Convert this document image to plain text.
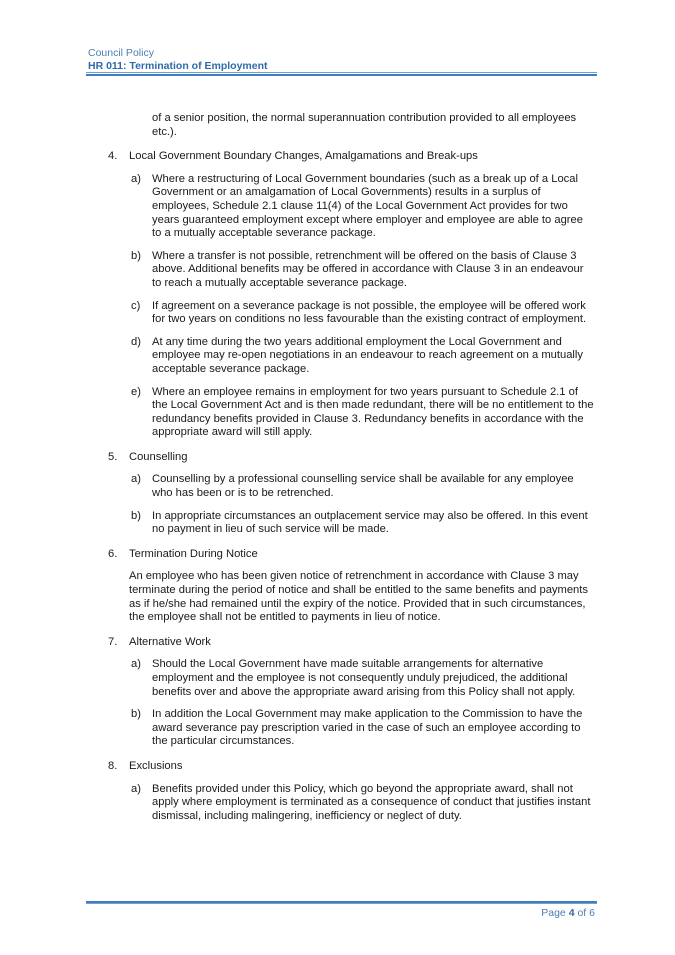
Council Policy
HR 011: Termination of Employment
of a senior position, the normal superannuation contribution provided to all employees etc.).
4. Local Government Boundary Changes, Amalgamations and Break-ups
a) Where a restructuring of Local Government boundaries (such as a break up of a Local Government or an amalgamation of Local Governments) results in a surplus of employees, Schedule 2.1 clause 11(4) of the Local Government Act provides for two years guaranteed employment except where employer and employee are able to agree to a mutually acceptable severance package.
b) Where a transfer is not possible, retrenchment will be offered on the basis of Clause 3 above. Additional benefits may be offered in accordance with Clause 3 in an endeavour to reach a mutually acceptable severance package.
c) If agreement on a severance package is not possible, the employee will be offered work for two years on conditions no less favourable than the existing contract of employment.
d) At any time during the two years additional employment the Local Government and employee may re-open negotiations in an endeavour to reach agreement on a mutually acceptable severance package.
e) Where an employee remains in employment for two years pursuant to Schedule 2.1 of the Local Government Act and is then made redundant, there will be no entitlement to the redundancy benefits provided in Clause 3. Redundancy benefits in accordance with the appropriate award will still apply.
5. Counselling
a) Counselling by a professional counselling service shall be available for any employee who has been or is to be retrenched.
b) In appropriate circumstances an outplacement service may also be offered. In this event no payment in lieu of such service will be made.
6. Termination During Notice
An employee who has been given notice of retrenchment in accordance with Clause 3 may terminate during the period of notice and shall be entitled to the same benefits and payments as if he/she had remained until the expiry of the notice. Provided that in such circumstances, the employee shall not be entitled to payments in lieu of notice.
7. Alternative Work
a) Should the Local Government have made suitable arrangements for alternative employment and the employee is not consequently unduly prejudiced, the additional benefits over and above the appropriate award arising from this Policy shall not apply.
b) In addition the Local Government may make application to the Commission to have the award severance pay prescription varied in the case of such an employee according to the particular circumstances.
8. Exclusions
a) Benefits provided under this Policy, which go beyond the appropriate award, shall not apply where employment is terminated as a consequence of conduct that justifies instant dismissal, including malingering, inefficiency or neglect of duty.
Page 4 of 6
